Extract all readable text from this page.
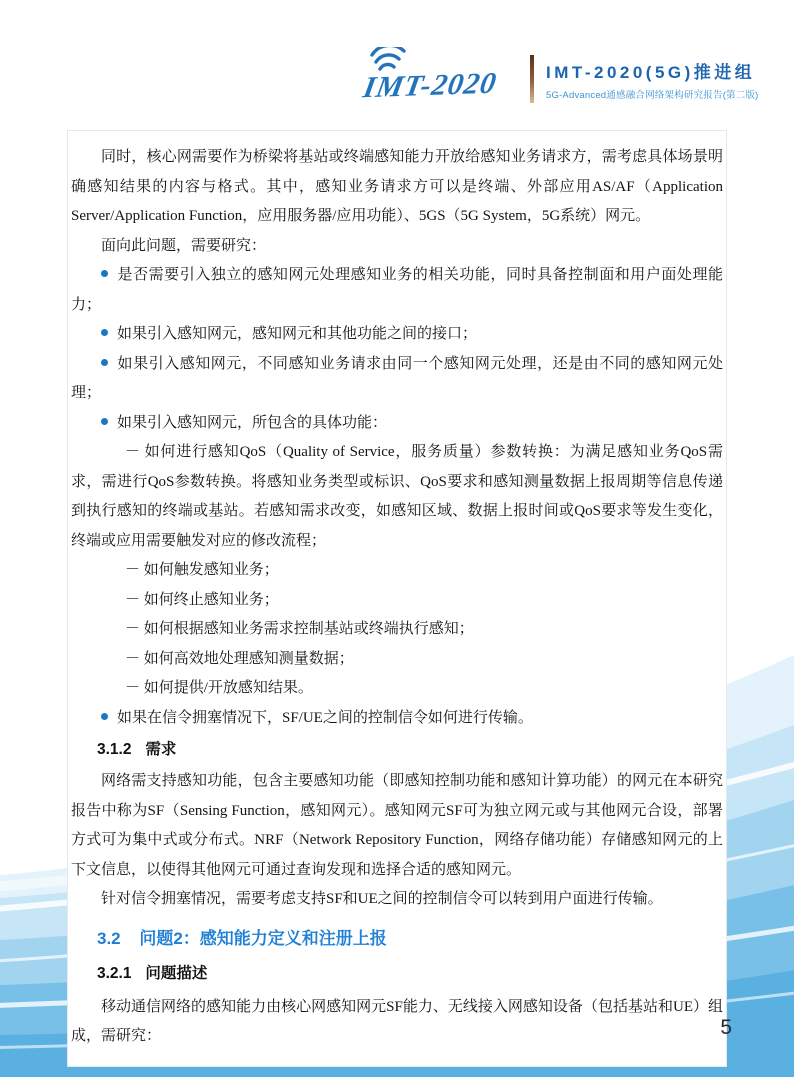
IMT-2020	IMT-2020(5G)推进组
5G-Advanced通感融合网络架构研究报告(第二版)

同时，核心网需要作为桥梁将基站或终端感知能力开放给感知业务请求方，需考虑具体场景明确感知结果的内容与格式。其中，感知业务请求方可以是终端、外部应用AS/AF（Application Server/Application Function，应用服务器/应用功能）、5GS（5G System，5G系统）网元。

面向此问题，需要研究：

是否需要引入独立的感知网元处理感知业务的相关功能，同时具备控制面和用户面处理能力；

如果引入感知网元，感知网元和其他功能之间的接口；

如果引入感知网元，不同感知业务请求由同一个感知网元处理，还是由不同的感知网元处理；

如果引入感知网元，所包含的具体功能：

－ 如何进行感知QoS（Quality of Service，服务质量）参数转换：为满足感知业务QoS需求，需进行QoS参数转换。将感知业务类型或标识、QoS要求和感知测量数据上报周期等信息传递到执行感知的终端或基站。若感知需求改变，如感知区域、数据上报时间或QoS要求等发生变化，终端或应用需要触发对应的修改流程；

－ 如何触发感知业务；

－ 如何终止感知业务；

－ 如何根据感知业务需求控制基站或终端执行感知；

－ 如何高效地处理感知测量数据；

－ 如何提供/开放感知结果。

如果在信令拥塞情况下，SF/UE之间的控制信令如何进行传输。

3.1.2 需求

网络需支持感知功能，包含主要感知功能（即感知控制功能和感知计算功能）的网元在本研究报告中称为SF（Sensing Function，感知网元）。感知网元SF可为独立网元或与其他网元合设，部署方式可为集中式或分布式。NRF（Network Repository Function，网络存储功能）存储感知网元的上下文信息，以使得其他网元可通过查询发现和选择合适的感知网元。

针对信令拥塞情况，需要考虑支持SF和UE之间的控制信令可以转到用户面进行传输。

3.2 问题2：感知能力定义和注册上报

3.2.1 问题描述

移动通信网络的感知能力由核心网感知网元SF能力、无线接入网感知设备（包括基站和UE）组成，需研究：	5
